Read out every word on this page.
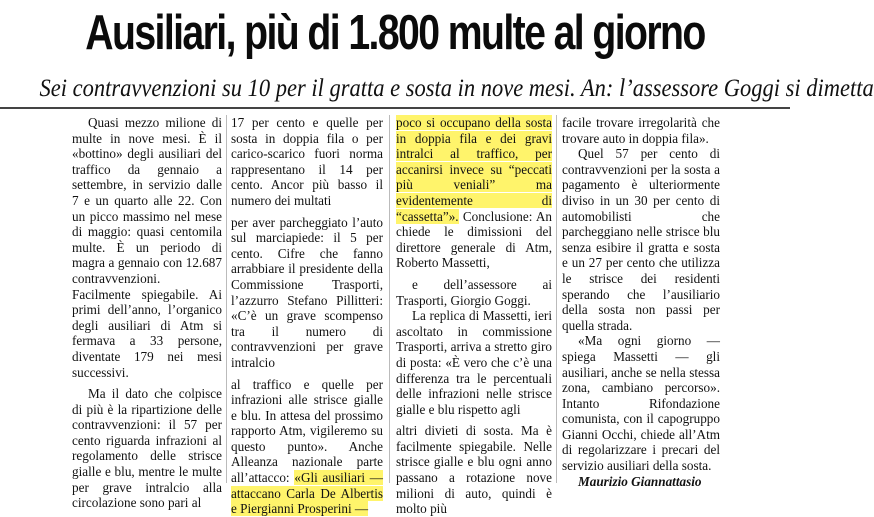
Ausiliari, più di 1.800 multe al giorno
Sei contravvenzioni su 10 per il gratta e sosta in nove mesi. An: l’assessore Goggi si dimetta

Quasi mezzo milione di multe in nove mesi. È il «bottino» degli ausiliari del traffico da gennaio a settembre, in servizio dalle 7 e un quarto alle 22. Con un picco massimo nel mese di maggio: quasi centomila multe. È un periodo di magra a gennaio con 12.687 contravvenzioni. Facilmente spiegabile. Ai primi dell’anno, l’organico degli ausiliari di Atm si fermava a 33 persone, diventate 179 nei mesi successivi.

Ma il dato che colpisce di più è la ripartizione delle contravvenzioni: il 57 per cento riguarda infrazioni al regolamento delle strisce gialle e blu, mentre le multe per grave intralcio alla circolazione sono pari al

17 per cento e quelle per sosta in doppia fila o per carico-scarico fuori norma rappresentano il 14 per cento. Ancor più basso il numero dei multati

per aver parcheggiato l’auto sul marciapiede: il 5 per cento. Cifre che fanno arrabbiare il presidente della Commissione Trasporti, l’azzurro Stefano Pillitteri: «C’è un grave scompenso tra il numero di contravvenzioni per grave intralcio

al traffico e quelle per infrazioni alle strisce gialle e blu. In attesa del prossimo rapporto Atm, vigileremo su questo punto». Anche Alleanza nazionale parte all’attacco: «Gli ausiliari — attaccano Carla De Albertis e Piergianni Prosperini —

poco si occupano della sosta in doppia fila e dei gravi intralci al traffico, per accanirsi invece su “peccati più veniali” ma evidentemente di “cassetta”». Conclusione: An chiede le dimissioni del direttore generale di Atm, Roberto Massetti,

e dell’assessore ai Trasporti, Giorgio Goggi.

La replica di Massetti, ieri ascoltato in commissione Trasporti, arriva a stretto giro di posta: «È vero che c’è una differenza tra le percentuali delle infrazioni nelle strisce gialle e blu rispetto agli

altri divieti di sosta. Ma è facilmente spiegabile. Nelle strisce gialle e blu ogni anno passano a rotazione nove milioni di auto, quindi è molto più

facile trovare irregolarità che trovare auto in doppia fila».

Quel 57 per cento di contravvenzioni per la sosta a pagamento è ulteriormente diviso in un 30 per cento di automobilisti che parcheggiano nelle strisce blu senza esibire il gratta e sosta e un 27 per cento che utilizza le strisce dei residenti sperando che l’ausiliario della sosta non passi per quella strada.

«Ma ogni giorno — spiega Massetti — gli ausiliari, anche se nella stessa zona, cambiano percorso». Intanto Rifondazione comunista, con il capogruppo Gianni Occhi, chiede all’Atm di regolarizzare i precari del servizio ausiliari della sosta.

Maurizio Giannattasio
